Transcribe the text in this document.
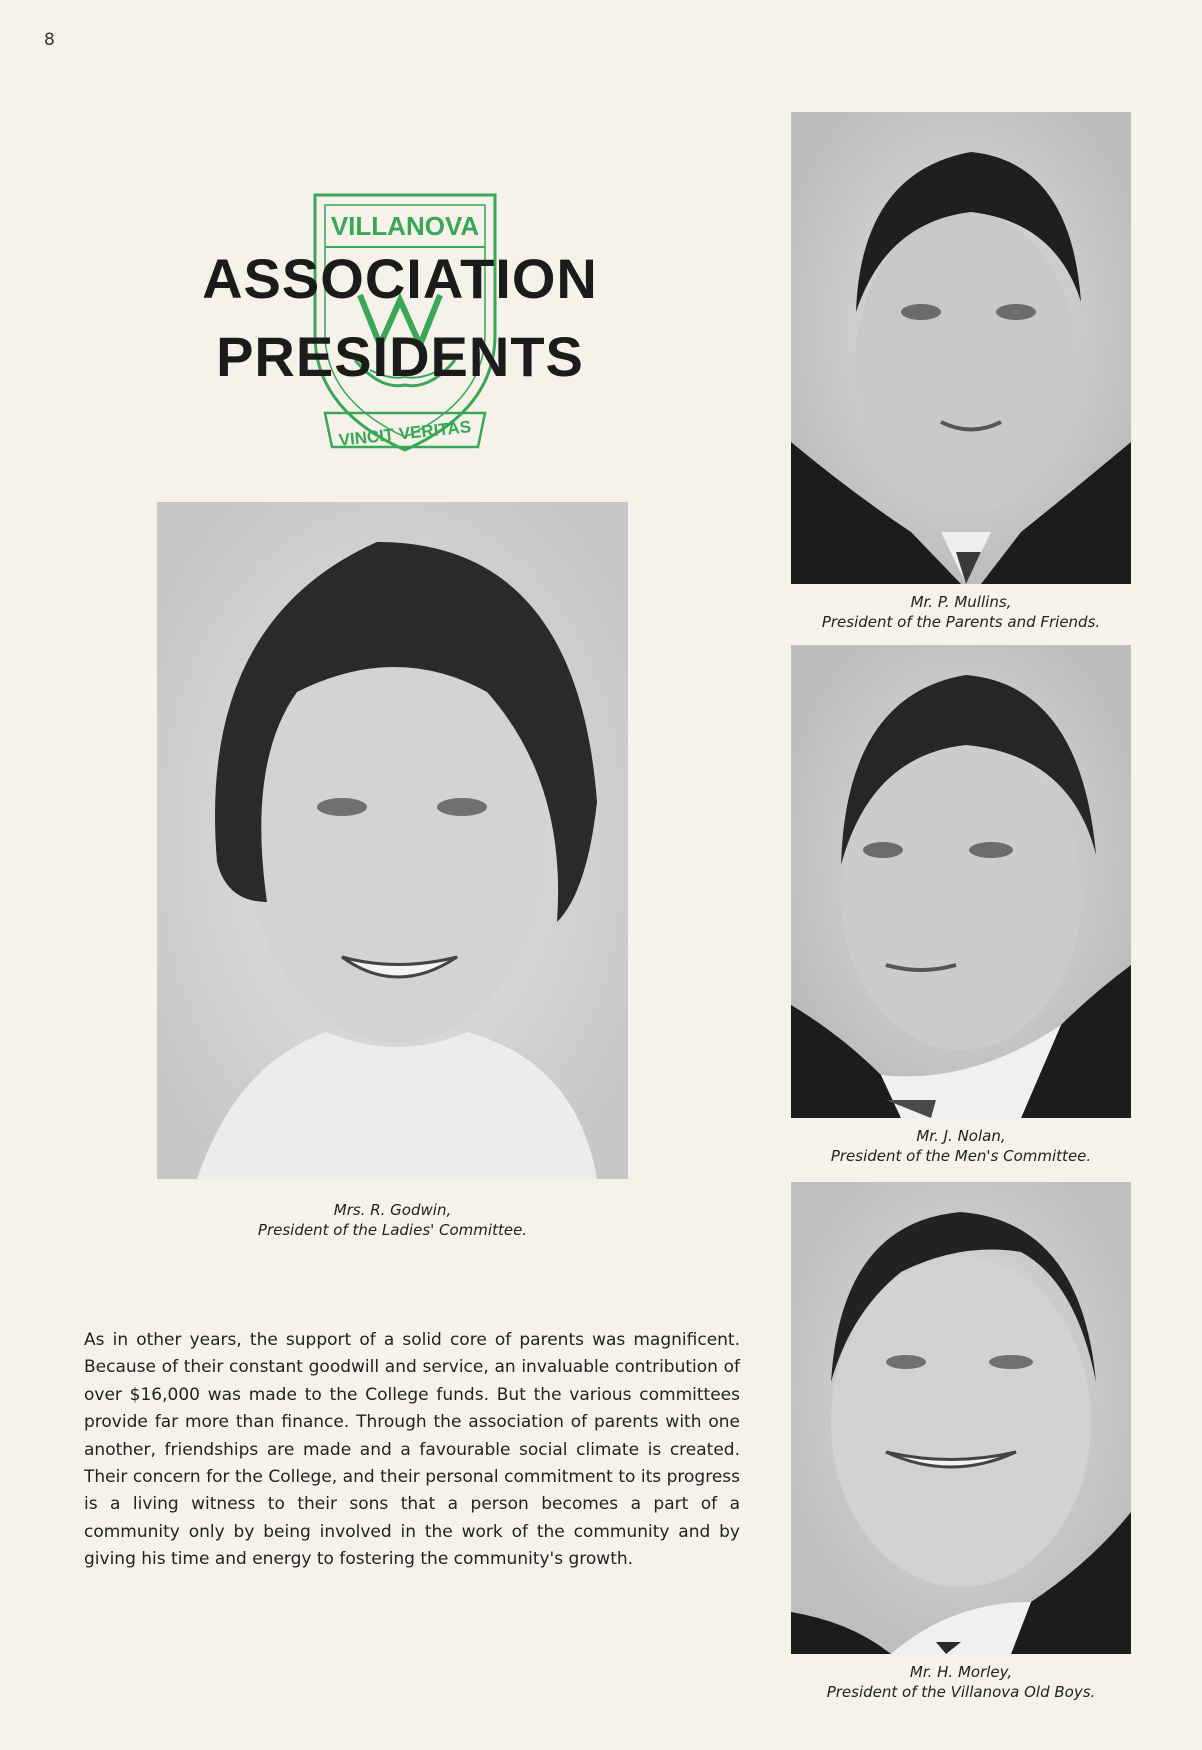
8
VILLANOVA
VINCIT VERITAS
ASSOCIATION
PRESIDENTS
Mr. P. Mullins,
President of the Parents and Friends.
Mrs. R. Godwin,
President of the Ladies' Committee.
Mr. J. Nolan,
President of the Men's Committee.
Mr. H. Morley,
President of the Villanova Old Boys.
As in other years, the support of a solid core of parents was magnificent. Because of their constant goodwill and service, an invaluable contribution of over $16,000 was made to the College funds. But the various committees provide far more than finance. Through the association of parents with one another, friendships are made and a favourable social climate is created. Their concern for the College, and their personal commitment to its progress is a living witness to their sons that a person becomes a part of a community only by being involved in the work of the community and by giving his time and energy to fostering the community's growth.
